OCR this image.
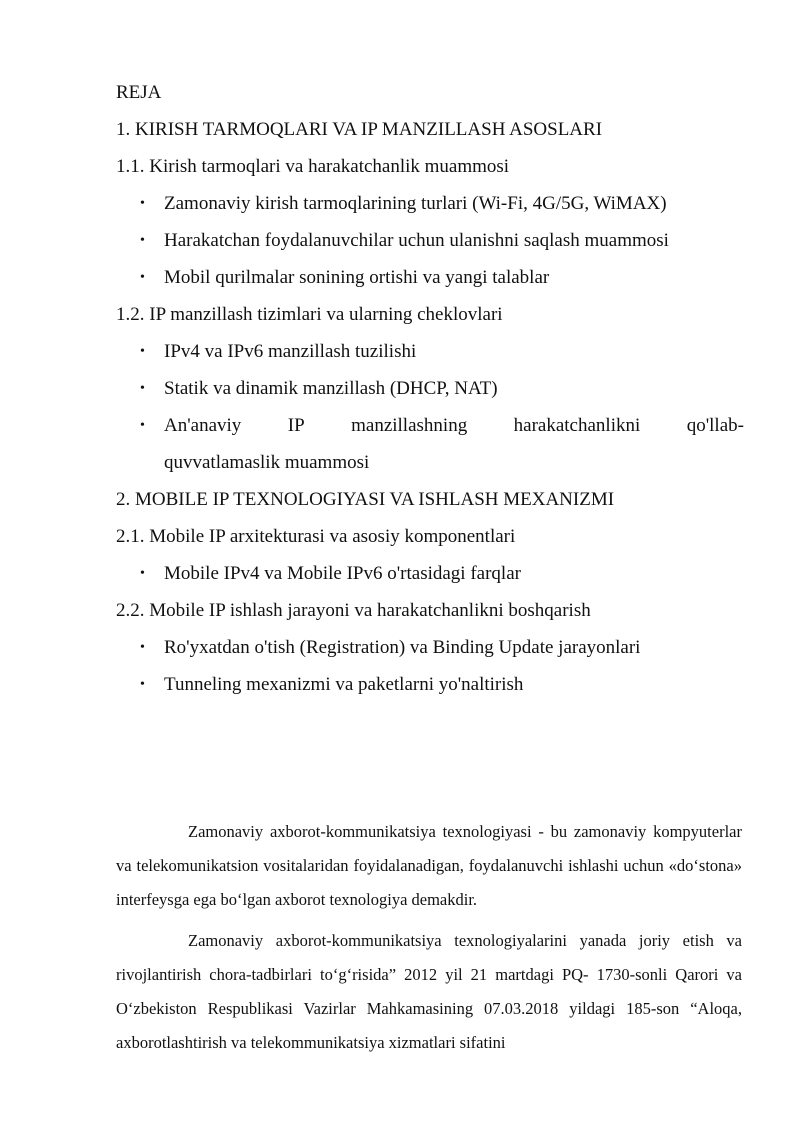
REJA

1. KIRISH TARMOQLARI VA IP MANZILLASH ASOSLARI

1.1. Kirish tarmoqlari va harakatchanlik muammosi

• Zamonaviy kirish tarmoqlarining turlari (Wi-Fi, 4G/5G, WiMAX)
• Harakatchan foydalanuvchilar uchun ulanishni saqlash muammosi
• Mobil qurilmalar sonining ortishi va yangi talablar

1.2. IP manzillash tizimlari va ularning cheklovlari

• IPv4 va IPv6 manzillash tuzilishi
• Statik va dinamik manzillash (DHCP, NAT)
• An'anaviy IP manzillashning harakatchanlikni qo'llab-
quvvatlamaslik muammosi

2. MOBILE IP TEXNOLOGIYASI VA ISHLASH MEXANIZMI

2.1. Mobile IP arxitekturasi va asosiy komponentlari

• Mobile IPv4 va Mobile IPv6 o'rtasidagi farqlar

2.2. Mobile IP ishlash jarayoni va harakatchanlikni boshqarish

• Ro'yxatdan o'tish (Registration) va Binding Update jarayonlari
• Tunneling mexanizmi va paketlarni yo'naltirish

Zamonaviy axborot-kommunikatsiya texnologiyasi - bu zamonaviy kompyuterlar va telekomunikatsion vositalaridan foyidalanadigan, foydalanuvchi ishlashi uchun «do‘stona» interfeysga ega bo‘lgan axborot texnologiya demakdir.

Zamonaviy axborot-kommunikatsiya texnologiyalarini yanada joriy etish va rivojlantirish chora-tadbirlari to‘g‘risida” 2012 yil 21 martdagi PQ- 1730-sonli Qarori va O‘zbekiston Respublikasi Vazirlar Mahkamasining 07.03.2018 yildagi 185-son “Aloqa, axborotlashtirish va telekommunikatsiya xizmatlari sifatini
